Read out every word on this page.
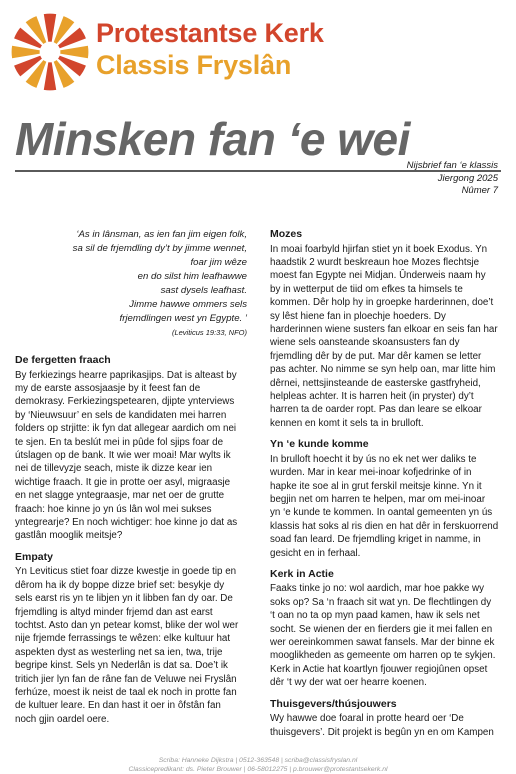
Protestantse Kerk
Classis Fryslân
Minsken fan ‘e wei
Nijsbrief fan ‘e klassis
Jiergong 2025
Nûmer 7
‘As in lânsman, as ien fan jim eigen folk,
sa sil de frjemdling dy’t by jimme wennet,
foar jim wêze
en do silst him leafhawwe
sast dysels leafhast.
Jimme hawwe ommers sels
frjemdlingen west yn Egypte. ’
(Leviticus 19:33, NFO)
De fergetten fraach
By ferkiezings hearre paprikasjips. Dat is alteast by
my de earste assosjaasje by it feest fan de
demokrasy. Ferkiezingspetearen, djipte ynterviews
by ‘Nieuwsuur’ en sels de kandidaten mei harren
folders op strjitte: ik fyn dat allegear aardich om nei
te sjen. En ta beslút mei in pûde fol sjips foar de
útslagen op de bank. It wie wer moai! Mar wylts ik
nei de tillevyzje seach, miste ik dizze kear ien
wichtige fraach. It gie in protte oer asyl, migraasje
en net slagge yntegraasje, mar net oer de grutte
fraach: hoe kinne jo yn ús lân wol mei sukses
yntegrearje? En noch wichtiger: hoe kinne jo dat as
gastlân mooglik meitsje?
Empaty
Yn Leviticus stiet foar dizze kwestje in goede tip en
dêrom ha ik dy boppe dizze brief set: besykje dy
sels earst ris yn te libjen yn it libben fan dy oar. De
frjemdling is altyd minder frjemd dan ast earst
tochtst. Asto dan yn petear komst, blike der wol wer
nije frjemde ferrassings te wêzen: elke kultuur hat
aspekten dyst as westerling net sa ien, twa, trije
begripe kinst. Sels yn Nederlân is dat sa. Doe’t ik
tritich jier lyn fan de râne fan de Veluwe nei Fryslân
ferhúze, moest ik neist de taal ek noch in protte fan
de kultuer leare. En dan hast it oer in ôfstân fan
noch gjin oardel oere.
Mozes
In moai foarbyld hjirfan stiet yn it boek Exodus. Yn
haadstik 2 wurdt beskreaun hoe Mozes flechtsje
moest fan Egypte nei Midjan. Ûnderweis naam hy
by in wetterput de tiid om efkes ta himsels te
kommen. Dêr holp hy in groepke harderinnen, doe’t
sy lêst hiene fan in ploechje hoeders. Dy
harderinnen wiene susters fan elkoar en seis fan har
wiene sels oansteande skoansusters fan dy
frjemdling dêr by de put. Mar dêr kamen se letter
pas achter. No nimme se syn help oan, mar litte him
dêrnei, nettsjinsteande de easterske gastfryheid,
helpleas achter. It is harren heit (in pryster) dy’t
harren ta de oarder ropt. Pas dan leare se elkoar
kennen en komt it sels ta in brulloft.
Yn ‘e kunde komme
In brulloft hoecht it by ús no ek net wer daliks te
wurden. Mar in kear mei-inoar kofjedrinke of in
hapke ite soe al in grut ferskil meitsje kinne. Yn it
begjin net om harren te helpen, mar om mei-inoar
yn ‘e kunde te kommen. In oantal gemeenten yn ús
klassis hat soks al ris dien en hat dêr in ferskuorrend
soad fan leard. De frjemdling kriget in namme, in
gesicht en in ferhaal.
Kerk in Actie
Faaks tinke jo no: wol aardich, mar hoe pakke wy
soks op? Sa ‘n fraach sit wat yn. De flechtlingen dy
‘t oan no ta op myn paad kamen, haw ik sels net
socht. Se wienen der en fierders gie it mei fallen en
wer oereinkommen sawat fansels. Mar der binne ek
mooglikheden as gemeente om harren op te sykjen.
Kerk in Actie hat koartlyn fjouwer regiojûnen opset
dêr ‘t wy der wat oer hearre koenen.
Thuisgevers/thúsjouwers
Wy hawwe doe foaral in protte heard oer ‘De
thuisgevers’. Dit projekt is begûn yn en om Kampen
Scriba: Hanneke Dijkstra | 0512-363548 | scriba@classisfryslan.nl
Classicepredikant: ds. Pieter Brouwer | 06-58012275 | p.brouwer@protestantsekerk.nl
